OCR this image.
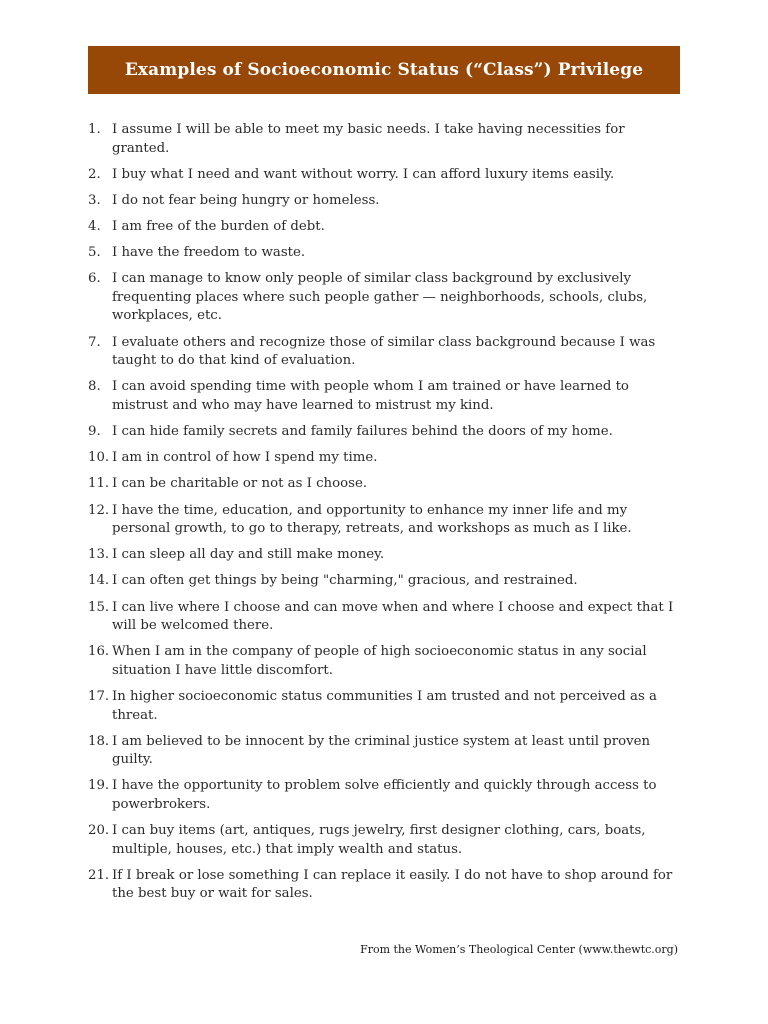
Examples of Socioeconomic Status (“Class”) Privilege
1. I assume I will be able to meet my basic needs. I take having necessities for granted.
2. I buy what I need and want without worry. I can afford luxury items easily.
3. I do not fear being hungry or homeless.
4. I am free of the burden of debt.
5. I have the freedom to waste.
6. I can manage to know only people of similar class background by exclusively frequenting places where such people gather — neighborhoods, schools, clubs, workplaces, etc.
7. I evaluate others and recognize those of similar class background because I was taught to do that kind of evaluation.
8. I can avoid spending time with people whom I am trained or have learned to mistrust and who may have learned to mistrust my kind.
9. I can hide family secrets and family failures behind the doors of my home.
10. I am in control of how I spend my time.
11. I can be charitable or not as I choose.
12. I have the time, education, and opportunity to enhance my inner life and my personal growth, to go to therapy, retreats, and workshops as much as I like.
13. I can sleep all day and still make money.
14. I can often get things by being "charming," gracious, and restrained.
15. I can live where I choose and can move when and where I choose and expect that I will be welcomed there.
16. When I am in the company of people of high socioeconomic status in any social situation I have little discomfort.
17. In higher socioeconomic status communities I am trusted and not perceived as a threat.
18. I am believed to be innocent by the criminal justice system at least until proven guilty.
19. I have the opportunity to problem solve efficiently and quickly through access to powerbrokers.
20. I can buy items (art, antiques, rugs jewelry, first designer clothing, cars, boats, multiple, houses, etc.) that imply wealth and status.
21. If I break or lose something I can replace it easily. I do not have to shop around for the best buy or wait for sales.
From the Women’s Theological Center (www.thewtc.org)
